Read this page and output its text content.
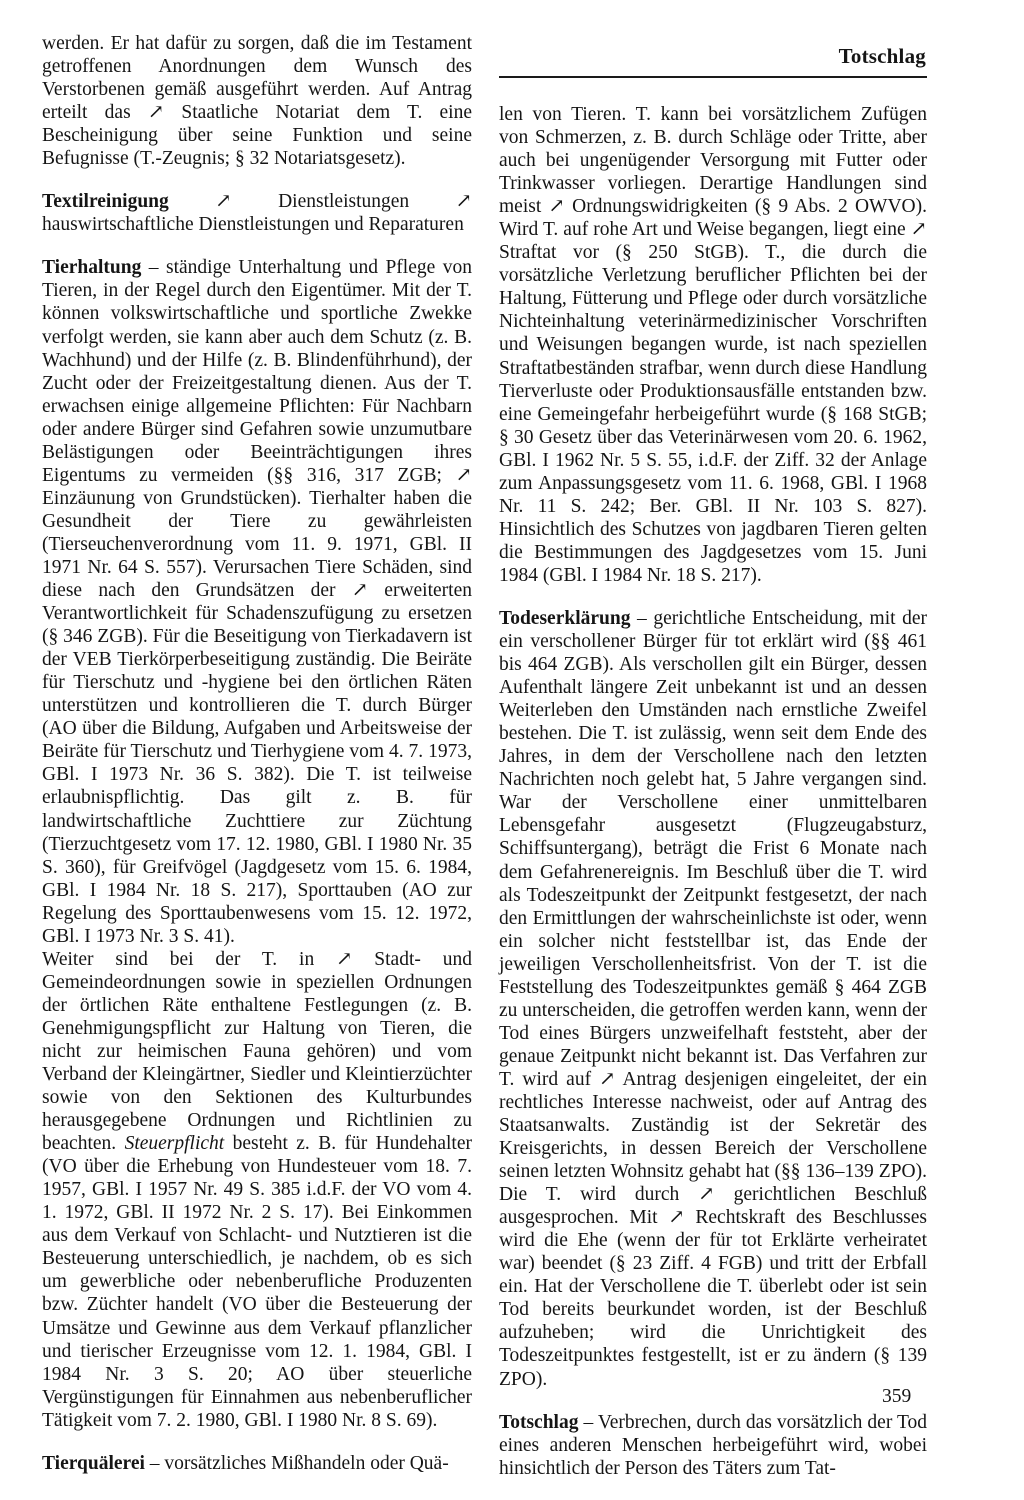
Totschlag

werden. Er hat dafür zu sorgen, daß die im Testament getroffenen Anordnungen dem Wunsch des Verstorbenen gemäß ausgeführt werden. Auf Antrag erteilt das ↗ Staatliche Notariat dem T. eine Bescheinigung über seine Funktion und seine Befugnisse (T.-Zeugnis; § 32 Notariatsgesetz).

Textilreinigung ↗ Dienstleistungen ↗ hauswirtschaftliche Dienstleistungen und Reparaturen

Tierhaltung – ständige Unterhaltung und Pflege von Tieren, in der Regel durch den Eigentümer. Mit der T. können volkswirtschaftliche und sportliche Zwekke verfolgt werden, sie kann aber auch dem Schutz (z. B. Wachhund) und der Hilfe (z. B. Blindenführhund), der Zucht oder der Freizeitgestaltung dienen. Aus der T. erwachsen einige allgemeine Pflichten: Für Nachbarn oder andere Bürger sind Gefahren sowie unzumutbare Belästigungen oder Beeinträchtigungen ihres Eigentums zu vermeiden (§§ 316, 317 ZGB; ↗ Einzäunung von Grundstücken). Tierhalter haben die Gesundheit der Tiere zu gewährleisten (Tierseuchenverordnung vom 11. 9. 1971, GBl. II 1971 Nr. 64 S. 557). Verursachen Tiere Schäden, sind diese nach den Grundsätzen der ↗ erweiterten Verantwortlichkeit für Schadenszufügung zu ersetzen (§ 346 ZGB). Für die Beseitigung von Tierkadavern ist der VEB Tierkörperbeseitigung zuständig. Die Beiräte für Tierschutz und -hygiene bei den örtlichen Räten unterstützen und kontrollieren die T. durch Bürger (AO über die Bildung, Aufgaben und Arbeitsweise der Beiräte für Tierschutz und Tierhygiene vom 4. 7. 1973, GBl. I 1973 Nr. 36 S. 382). Die T. ist teilweise erlaubnispflichtig. Das gilt z. B. für landwirtschaftliche Zuchttiere zur Züchtung (Tierzuchtgesetz vom 17. 12. 1980, GBl. I 1980 Nr. 35 S. 360), für Greifvögel (Jagdgesetz vom 15. 6. 1984, GBl. I 1984 Nr. 18 S. 217), Sporttauben (AO zur Regelung des Sporttaubenwesens vom 15. 12. 1972, GBl. I 1973 Nr. 3 S. 41).

Weiter sind bei der T. in ↗ Stadt- und Gemeindeordnungen sowie in speziellen Ordnungen der örtlichen Räte enthaltene Festlegungen (z. B. Genehmigungspflicht zur Haltung von Tieren, die nicht zur heimischen Fauna gehören) und vom Verband der Kleingärtner, Siedler und Kleintierzüchter sowie von den Sektionen des Kulturbundes herausgegebene Ordnungen und Richtlinien zu beachten. Steuerpflicht besteht z. B. für Hundehalter (VO über die Erhebung von Hundesteuer vom 18. 7. 1957, GBl. I 1957 Nr. 49 S. 385 i.d.F. der VO vom 4. 1. 1972, GBl. II 1972 Nr. 2 S. 17). Bei Einkommen aus dem Verkauf von Schlacht- und Nutztieren ist die Besteuerung unterschiedlich, je nachdem, ob es sich um gewerbliche oder nebenberufliche Produzenten bzw. Züchter handelt (VO über die Besteuerung der Umsätze und Gewinne aus dem Verkauf pflanzlicher und tierischer Erzeugnisse vom 12. 1. 1984, GBl. I 1984 Nr. 3 S. 20; AO über steuerliche Vergünstigungen für Einnahmen aus nebenberuflicher Tätigkeit vom 7. 2. 1980, GBl. I 1980 Nr. 8 S. 69).

Tierquälerei – vorsätzliches Mißhandeln oder Quä-

len von Tieren. T. kann bei vorsätzlichem Zufügen von Schmerzen, z. B. durch Schläge oder Tritte, aber auch bei ungenügender Versorgung mit Futter oder Trinkwasser vorliegen. Derartige Handlungen sind meist ↗ Ordnungswidrigkeiten (§ 9 Abs. 2 OWVO). Wird T. auf rohe Art und Weise begangen, liegt eine ↗ Straftat vor (§ 250 StGB). T., die durch die vorsätzliche Verletzung beruflicher Pflichten bei der Haltung, Fütterung und Pflege oder durch vorsätzliche Nichteinhaltung veterinärmedizinischer Vorschriften und Weisungen begangen wurde, ist nach speziellen Straftatbeständen strafbar, wenn durch diese Handlung Tierverluste oder Produktionsausfälle entstanden bzw. eine Gemeingefahr herbeigeführt wurde (§ 168 StGB; § 30 Gesetz über das Veterinärwesen vom 20. 6. 1962, GBl. I 1962 Nr. 5 S. 55, i.d.F. der Ziff. 32 der Anlage zum Anpassungsgesetz vom 11. 6. 1968, GBl. I 1968 Nr. 11 S. 242; Ber. GBl. II Nr. 103 S. 827). Hinsichtlich des Schutzes von jagdbaren Tieren gelten die Bestimmungen des Jagdgesetzes vom 15. Juni 1984 (GBl. I 1984 Nr. 18 S. 217).

Todeserklärung – gerichtliche Entscheidung, mit der ein verschollener Bürger für tot erklärt wird (§§ 461 bis 464 ZGB). Als verschollen gilt ein Bürger, dessen Aufenthalt längere Zeit unbekannt ist und an dessen Weiterleben den Umständen nach ernstliche Zweifel bestehen. Die T. ist zulässig, wenn seit dem Ende des Jahres, in dem der Verschollene nach den letzten Nachrichten noch gelebt hat, 5 Jahre vergangen sind. War der Verschollene einer unmittelbaren Lebensgefahr ausgesetzt (Flugzeugabsturz, Schiffsuntergang), beträgt die Frist 6 Monate nach dem Gefahrenereignis. Im Beschluß über die T. wird als Todeszeitpunkt der Zeitpunkt festgesetzt, der nach den Ermittlungen der wahrscheinlichste ist oder, wenn ein solcher nicht feststellbar ist, das Ende der jeweiligen Verschollenheitsfrist. Von der T. ist die Feststellung des Todeszeitpunktes gemäß § 464 ZGB zu unterscheiden, die getroffen werden kann, wenn der Tod eines Bürgers unzweifelhaft feststeht, aber der genaue Zeitpunkt nicht bekannt ist. Das Verfahren zur T. wird auf ↗ Antrag desjenigen eingeleitet, der ein rechtliches Interesse nachweist, oder auf Antrag des Staatsanwalts. Zuständig ist der Sekretär des Kreisgerichts, in dessen Bereich der Verschollene seinen letzten Wohnsitz gehabt hat (§§ 136–139 ZPO). Die T. wird durch ↗ gerichtlichen Beschluß ausgesprochen. Mit ↗ Rechtskraft des Beschlusses wird die Ehe (wenn der für tot Erklärte verheiratet war) beendet (§ 23 Ziff. 4 FGB) und tritt der Erbfall ein. Hat der Verschollene die T. überlebt oder ist sein Tod bereits beurkundet worden, ist der Beschluß aufzuheben; wird die Unrichtigkeit des Todeszeitpunktes festgestellt, ist er zu ändern (§ 139 ZPO).

Totschlag – Verbrechen, durch das vorsätzlich der Tod eines anderen Menschen herbeigeführt wird, wobei hinsichtlich der Person des Täters zum Tat-

359
